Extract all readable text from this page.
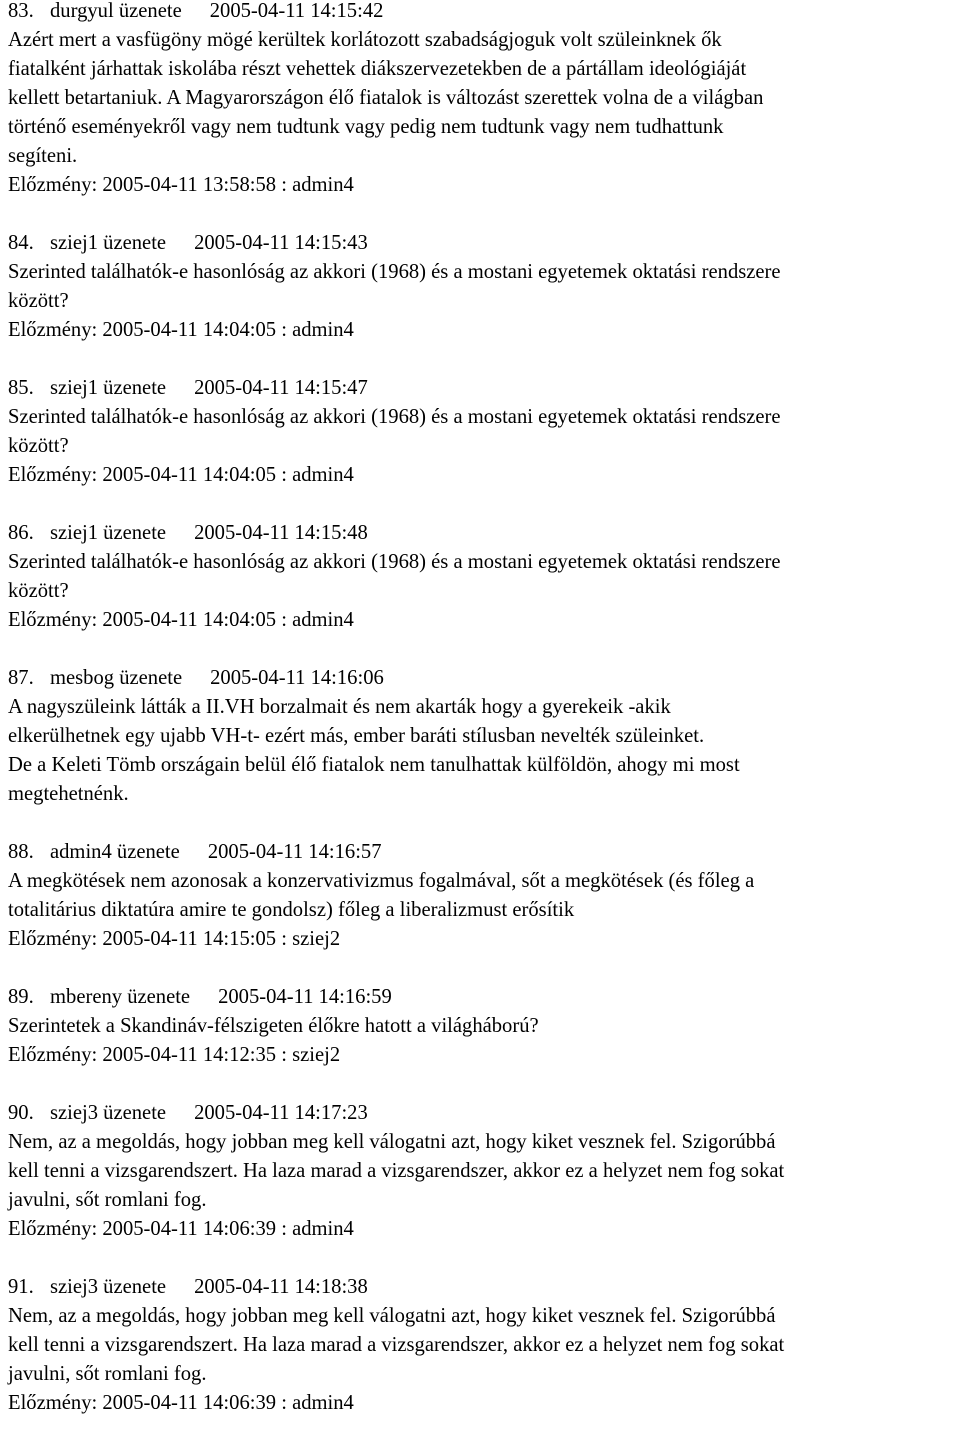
83. durgyul üzenete 2005-04-11 14:15:42

Azért mert a vasfügöny mögé kerültek korlátozott szabadságjoguk volt szüleinknek ők

fiatalként járhattak iskolába részt vehettek diákszervezetekben de a pártállam ideológiáját

kellett betartaniuk. A Magyarországon élő fiatalok is változást szerettek volna de a világban

történő eseményekről vagy nem tudtunk vagy pedig nem tudtunk vagy nem tudhattunk

segíteni.

Előzmény: 2005-04-11 13:58:58 : admin4
84. sziej1 üzenete 2005-04-11 14:15:43

Szerinted találhatók-e hasonlóság az akkori (1968) és a mostani egyetemek oktatási rendszere

között?

Előzmény: 2005-04-11 14:04:05 : admin4
85. sziej1 üzenete 2005-04-11 14:15:47

Szerinted találhatók-e hasonlóság az akkori (1968) és a mostani egyetemek oktatási rendszere

között?

Előzmény: 2005-04-11 14:04:05 : admin4
86. sziej1 üzenete 2005-04-11 14:15:48

Szerinted találhatók-e hasonlóság az akkori (1968) és a mostani egyetemek oktatási rendszere

között?

Előzmény: 2005-04-11 14:04:05 : admin4
87. mesbog üzenete 2005-04-11 14:16:06

A nagyszüleink látták a II.VH borzalmait és nem akarták hogy a gyerekeik -akik

elkerülhetnek egy ujabb VH-t- ezért más, ember baráti stílusban nevelték szüleinket.

De a Keleti Tömb országain belül élő fiatalok nem tanulhattak külföldön, ahogy mi most

megtehetnénk.

88. admin4 üzenete 2005-04-11 14:16:57

A megkötések nem azonosak a konzervativizmus fogalmával, sőt a megkötések (és főleg a

totalitárius diktatúra amire te gondolsz) főleg a liberalizmust erősítik

Előzmény: 2005-04-11 14:15:05 : sziej2
89. mbereny üzenete 2005-04-11 14:16:59

Szerintetek a Skandináv-félszigeten élőkre hatott a világháború?

Előzmény: 2005-04-11 14:12:35 : sziej2
90. sziej3 üzenete 2005-04-11 14:17:23

Nem, az a megoldás, hogy jobban meg kell válogatni azt, hogy kiket vesznek fel. Szigorúbbá

kell tenni a vizsgarendszert. Ha laza marad a vizsgarendszer, akkor ez a helyzet nem fog sokat

javulni, sőt romlani fog.

Előzmény: 2005-04-11 14:06:39 : admin4
91. sziej3 üzenete 2005-04-11 14:18:38

Nem, az a megoldás, hogy jobban meg kell válogatni azt, hogy kiket vesznek fel. Szigorúbbá

kell tenni a vizsgarendszert. Ha laza marad a vizsgarendszer, akkor ez a helyzet nem fog sokat

javulni, sőt romlani fog.

Előzmény: 2005-04-11 14:06:39 : admin4
